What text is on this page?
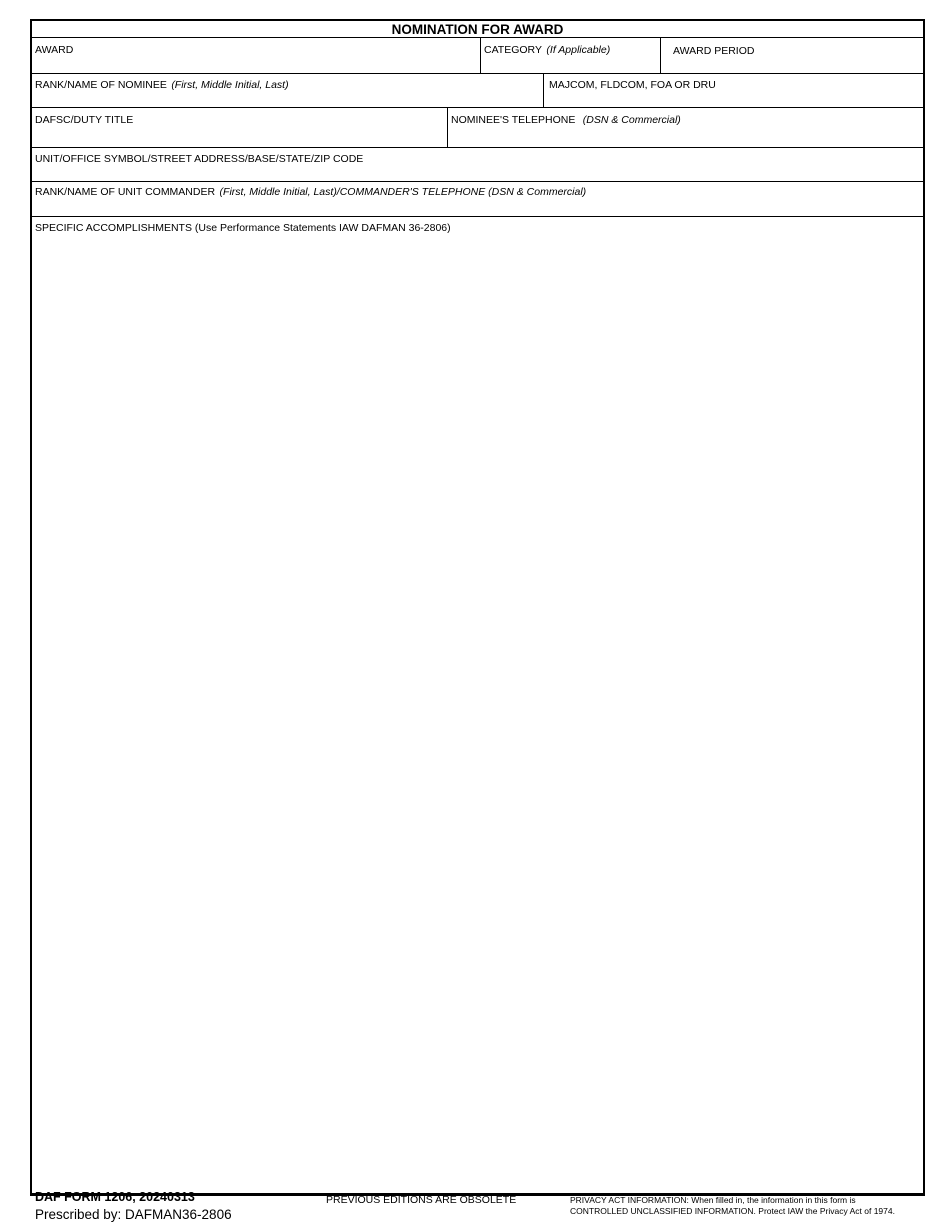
NOMINATION FOR AWARD
AWARD	CATEGORY (If Applicable)	AWARD PERIOD
RANK/NAME OF NOMINEE (First, Middle Initial, Last)	MAJCOM, FLDCOM, FOA OR DRU
DAFSC/DUTY TITLE	NOMINEE'S TELEPHONE (DSN & Commercial)
UNIT/OFFICE SYMBOL/STREET ADDRESS/BASE/STATE/ZIP CODE
RANK/NAME OF UNIT COMMANDER (First, Middle Initial, Last)/COMMANDER'S TELEPHONE (DSN & Commercial)
SPECIFIC ACCOMPLISHMENTS (Use Performance Statements IAW DAFMAN 36-2806)
DAF FORM 1206, 20240313
Prescribed by: DAFMAN36-2806
PREVIOUS EDITIONS ARE OBSOLETE	PRIVACY ACT INFORMATION: When filled in, the information in this form is
CONTROLLED UNCLASSIFIED INFORMATION. Protect IAW the Privacy Act of 1974.
